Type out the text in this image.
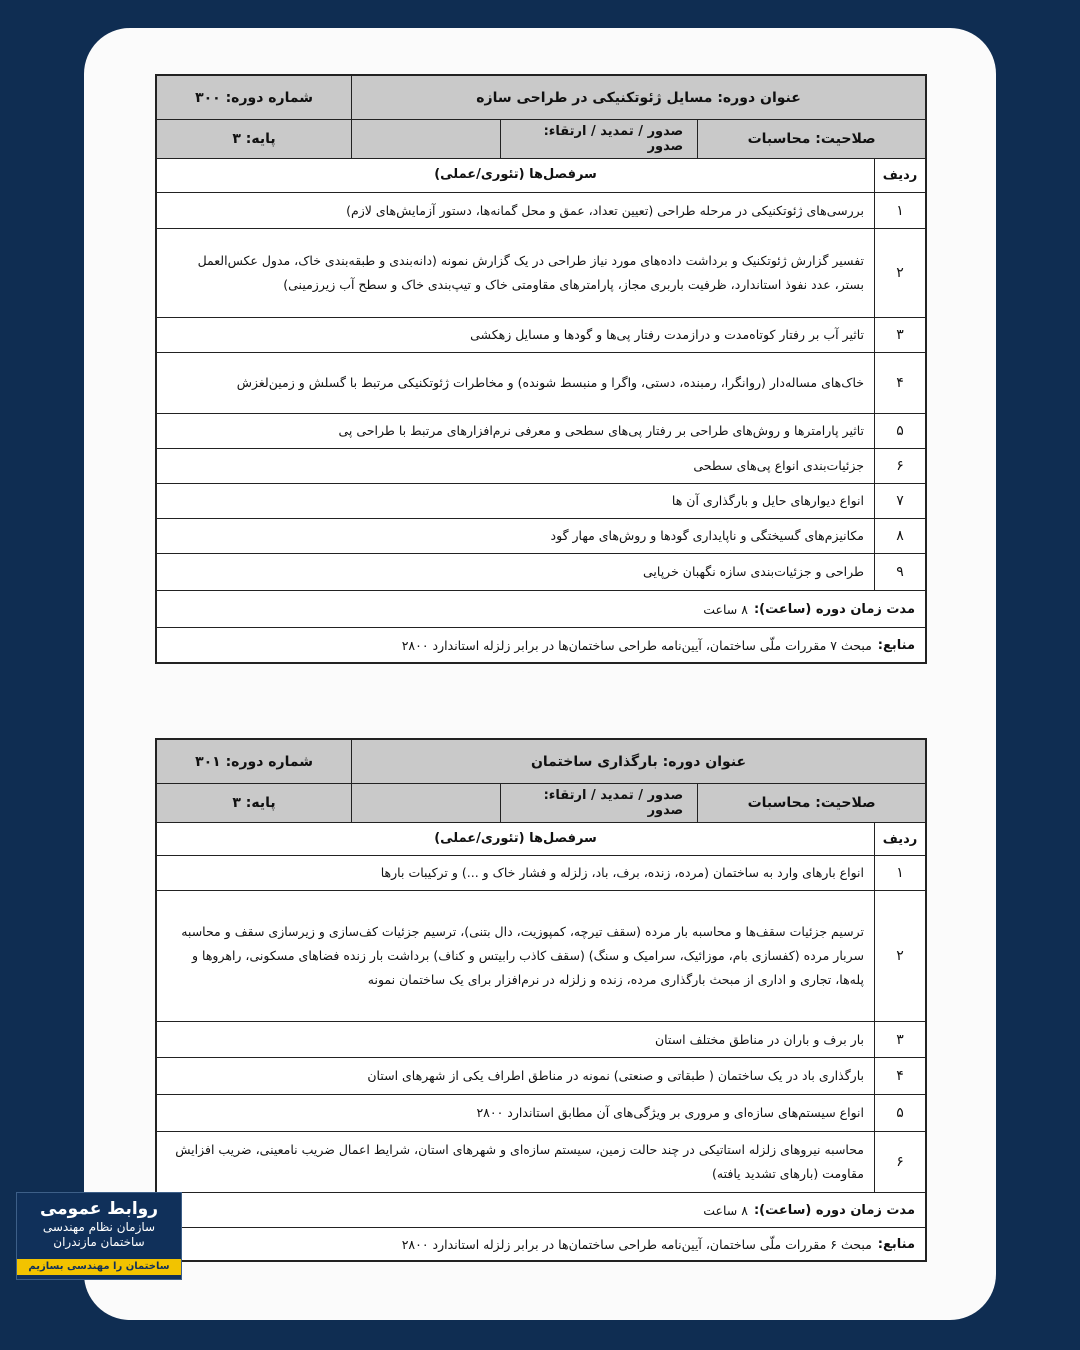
عنوان دوره: مسایل ژئوتکنیکی در طراحی سازه
شماره دوره: ۳۰۰
صلاحیت: محاسبات
صدور / تمدید / ارتقاء: صدور
پایه: ۳
ردیف
سرفصل‌ها (تئوری/عملی)
۱
بررسی‌های ژئوتکنیکی در مرحله طراحی (تعیین تعداد، عمق و محل گمانه‌ها، دستور آزمایش‌های لازم)
۲
تفسیر گزارش ژئوتکنیک و برداشت داده‌های مورد نیاز طراحی در یک گزارش نمونه (دانه‌بندی و طبقه‌بندی خاک، مدول عکس‌العمل بستر، عدد نفوذ استاندارد، ظرفیت باربری مجاز، پارامترهای مقاومتی خاک و تیپ‌بندی خاک و سطح آب زیرزمینی)
۳
تاثیر آب بر رفتار کوتاه‌مدت و درازمدت رفتار پی‌ها و گودها و مسایل زهکشی
۴
خاک‌های مساله‌دار (روانگرا، رمبنده، دستی، واگرا و منبسط شونده) و مخاطرات ژئوتکنیکی مرتبط با گسلش و زمین‌لغزش
۵
تاثیر پارامترها و روش‌های طراحی بر رفتار پی‌های سطحی و معرفی نرم‌افزارهای مرتبط با طراحی پی
۶
جزئیات‌بندی انواع پی‌های سطحی
۷
انواع دیوارهای حایل و بارگذاری آن ها
۸
مکانیزم‌های گسیختگی و ناپایداری گودها و روش‌های مهار گود
۹
طراحی و جزئیات‌بندی سازه نگهبان خرپایی
مدت زمان دوره (ساعت):
۸ ساعت
منابع:
مبحث ۷ مقررات ملّی ساختمان، آیین‌نامه طراحی ساختمان‌ها در برابر زلزله استاندارد ۲۸۰۰
عنوان دوره: بارگذاری ساختمان
شماره دوره: ۳۰۱
صلاحیت: محاسبات
صدور / تمدید / ارتقاء: صدور
پایه: ۳
ردیف
سرفصل‌ها (تئوری/عملی)
۱
انواع بارهای وارد به ساختمان (مرده، زنده، برف، باد، زلزله و فشار خاک و ...) و ترکیبات بارها
۲
ترسیم جزئیات سقف‌ها و محاسبه بار مرده (سقف تیرچه، کمپوزیت، دال بتنی)، ترسیم جزئیات کف‌سازی و زیرسازی سقف و محاسبه سربار مرده (کفسازی بام، موزائیک، سرامیک و سنگ) (سقف کاذب رابیتس و کناف) برداشت بار زنده فضاهای مسکونی، راهروها و پله‌ها، تجاری و اداری از مبحث بارگذاری مرده، زنده و زلزله در نرم‌افزار برای یک ساختمان نمونه
۳
بار برف و باران در مناطق مختلف استان
۴
بارگذاری باد در یک ساختمان ( طبقاتی و صنعتی) نمونه در مناطق اطراف یکی از شهرهای استان
۵
انواع سیستم‌های سازه‌ای و مروری بر ویژگی‌های آن مطابق استاندارد ۲۸۰۰
۶
محاسبه نیروهای زلزله استاتیکی در چند حالت زمین، سیستم سازه‌ای و شهرهای استان، شرایط اعمال ضریب نامعینی، ضریب افزایش مقاومت (بارهای تشدید یافته)
مدت زمان دوره (ساعت):
۸ ساعت
منابع:
مبحث ۶ مقررات ملّی ساختمان، آیین‌نامه طراحی ساختمان‌ها در برابر زلزله استاندارد ۲۸۰۰
روابط عمومی
سازمان نظام مهندسی
ساختمان مازندران
ساختمان را مهندسی بسازیم
